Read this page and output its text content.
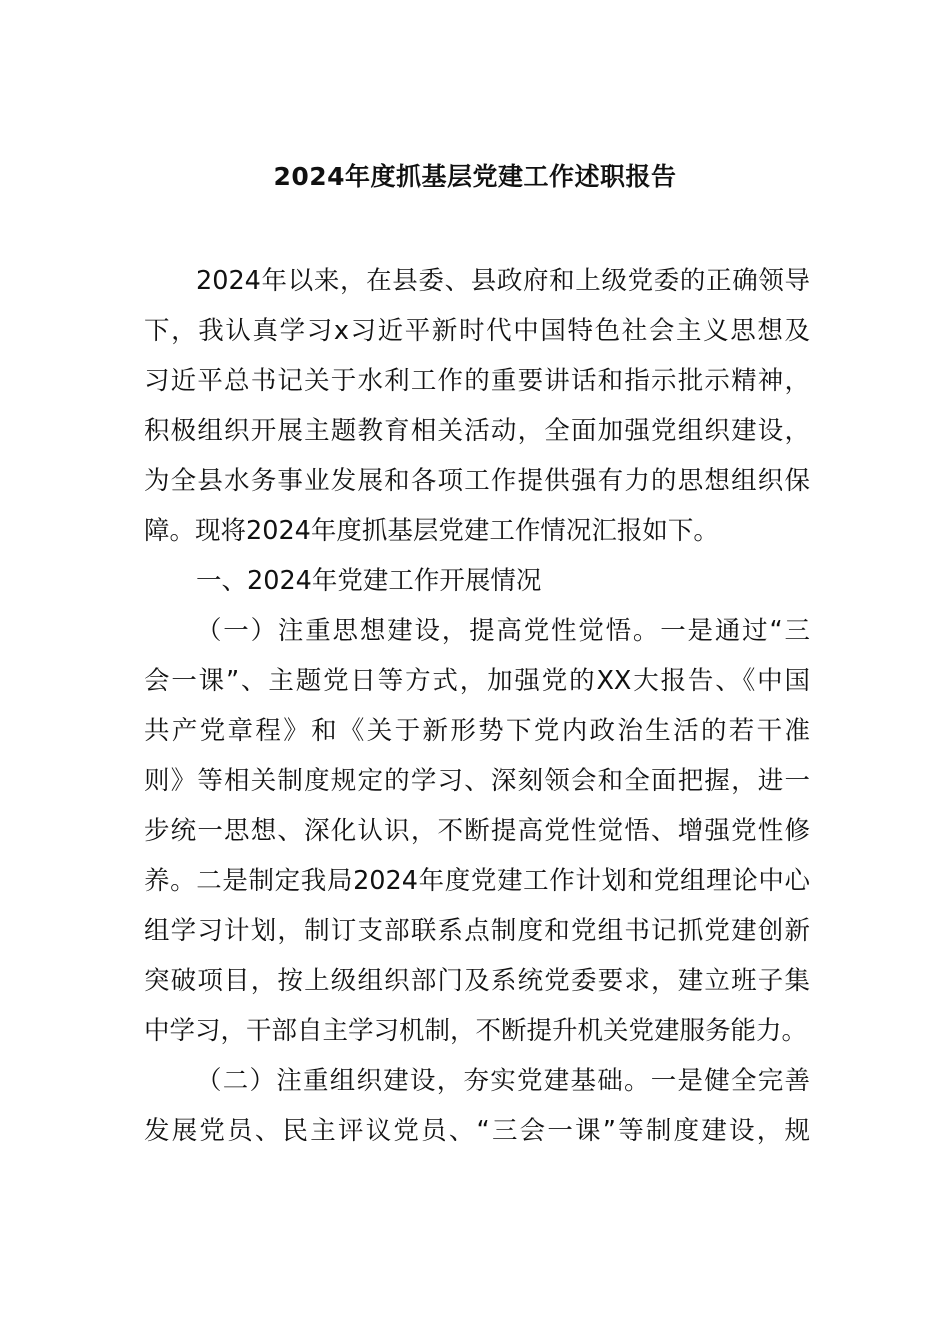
2024年度抓基层党建工作述职报告
2024年以来，在县委、县政府和上级党委的正确领导
下，我认真学习x习近平新时代中国特色社会主义思想及
习近平总书记关于水利工作的重要讲话和指示批示精神，
积极组织开展主题教育相关活动，全面加强党组织建设，
为全县水务事业发展和各项工作提供强有力的思想组织保
障。现将2024年度抓基层党建工作情况汇报如下。
一、2024年党建工作开展情况
（一）注重思想建设，提高党性觉悟。一是通过“三
会一课”、主题党日等方式，加强党的XX大报告、《中国
共产党章程》和《关于新形势下党内政治生活的若干准
则》等相关制度规定的学习、深刻领会和全面把握，进一
步统一思想、深化认识，不断提高党性觉悟、增强党性修
养。二是制定我局2024年度党建工作计划和党组理论中心
组学习计划，制订支部联系点制度和党组书记抓党建创新
突破项目，按上级组织部门及系统党委要求，建立班子集
中学习，干部自主学习机制，不断提升机关党建服务能力。
（二）注重组织建设，夯实党建基础。一是健全完善
发展党员、民主评议党员、“三会一课”等制度建设，规
